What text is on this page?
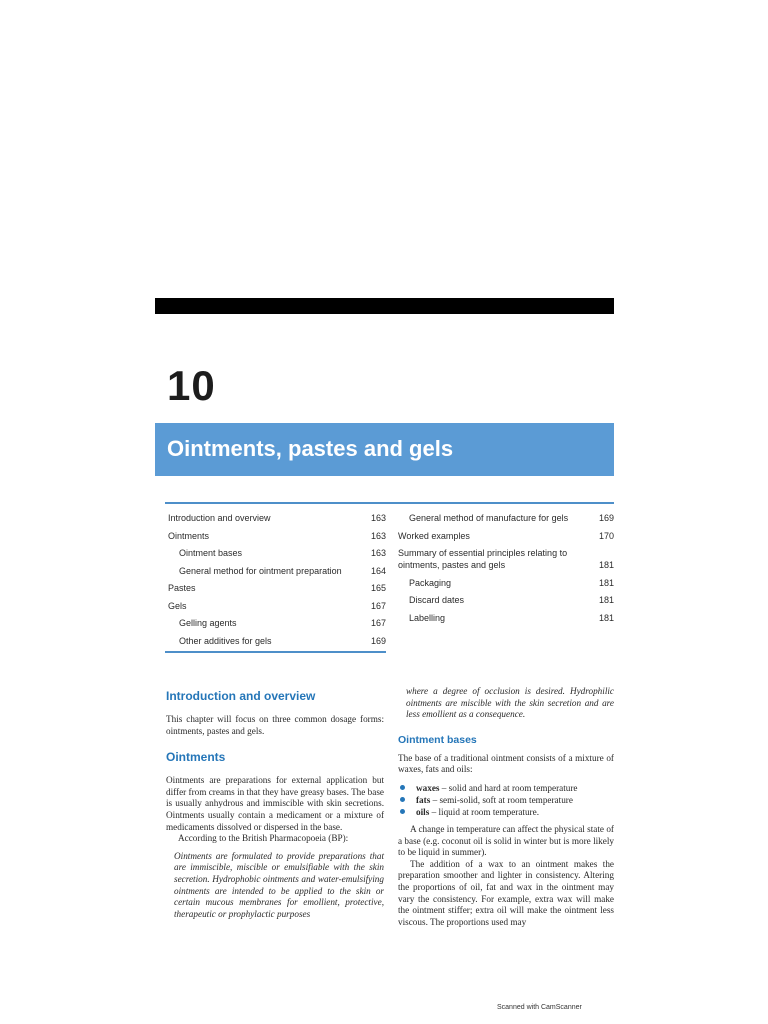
10
Ointments, pastes and gels
Introduction and overview	163
Ointments	163
Ointment bases	163
General method for ointment preparation	164
Pastes	165
Gels	167
Gelling agents	167
Other additives for gels	169
General method of manufacture for gels	169
Worked examples	170
Summary of essential principles relating to ointments, pastes and gels	181
Packaging	181
Discard dates	181
Labelling	181
Introduction and overview

This chapter will focus on three common dosage forms: ointments, pastes and gels.

Ointments

Ointments are preparations for external application but differ from creams in that they have greasy bases. The base is usually anhydrous and immiscible with skin secretions. Ointments usually contain a medicament or a mixture of medicaments dissolved or dispersed in the base.

According to the British Pharmacopoeia (BP):

Ointments are formulated to provide preparations that are immiscible, miscible or emulsifiable with the skin secretion. Hydrophobic ointments and water-emulsifying ointments are intended to be applied to the skin or certain mucous membranes for emollient, protective, therapeutic or prophylactic purposes

where a degree of occlusion is desired. Hydrophilic ointments are miscible with the skin secretion and are less emollient as a consequence.

Ointment bases

The base of a traditional ointment consists of a mixture of waxes, fats and oils:

waxes – solid and hard at room temperature
fats – semi-solid, soft at room temperature
oils – liquid at room temperature.

A change in temperature can affect the physical state of a base (e.g. coconut oil is solid in winter but is more likely to be liquid in summer).

The addition of a wax to an ointment makes the preparation smoother and lighter in consistency. Altering the proportions of oil, fat and wax in the ointment may vary the consistency. For example, extra wax will make the ointment stiffer; extra oil will make the ointment less viscous. The proportions used may

Scanned with CamScanner
